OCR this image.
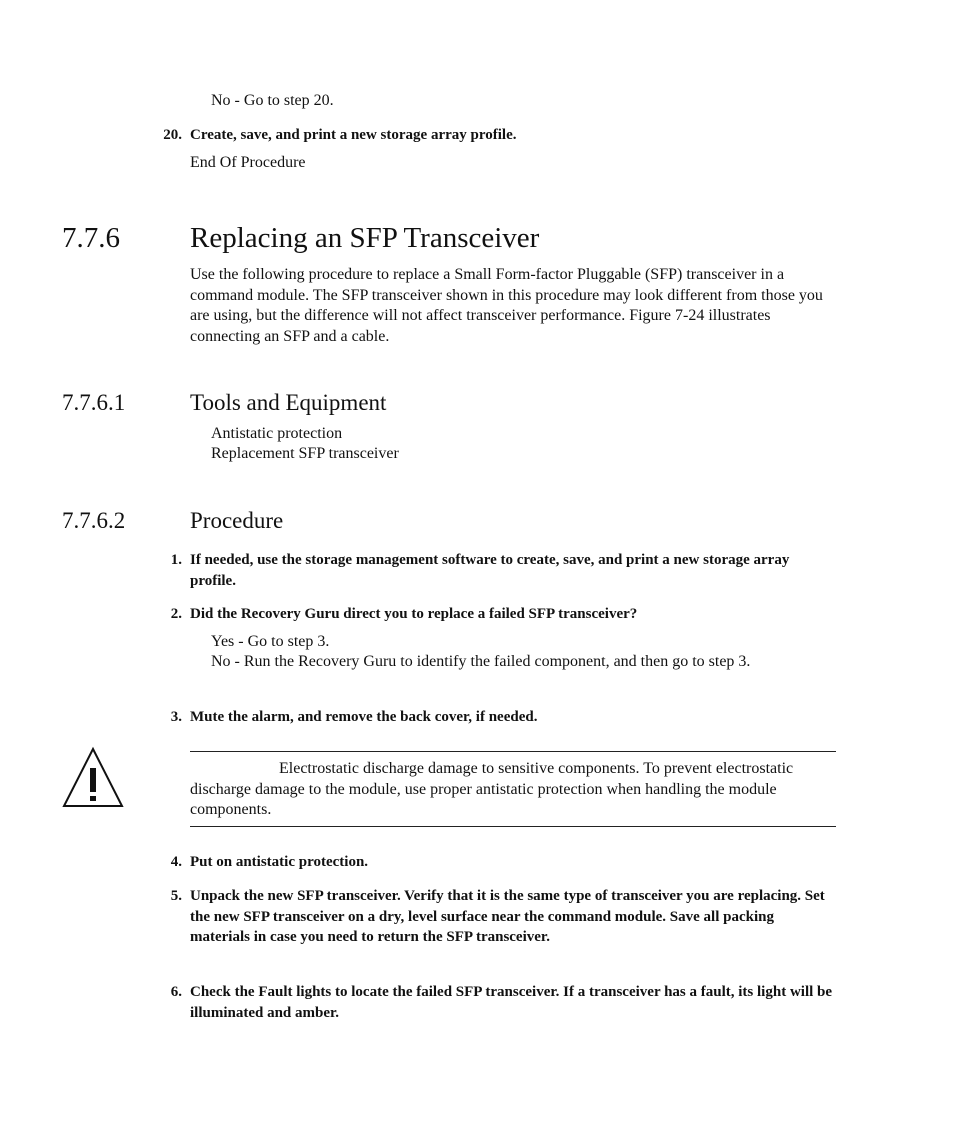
No - Go to step 20.
20. Create, save, and print a new storage array profile.
End Of Procedure
7.7.6 Replacing an SFP Transceiver
Use the following procedure to replace a Small Form-factor Pluggable (SFP) transceiver in a command module. The SFP transceiver shown in this procedure may look different from those you are using, but the difference will not affect transceiver performance. Figure 7-24 illustrates connecting an SFP and a cable.
7.7.6.1	Tools and Equipment
Antistatic protection
Replacement SFP transceiver
7.7.6.2	Procedure
1. If needed, use the storage management software to create, save, and print a new storage array profile.
2. Did the Recovery Guru direct you to replace a failed SFP transceiver?
Yes - Go to step 3.
No - Run the Recovery Guru to identify the failed component, and then go to step 3.
3. Mute the alarm, and remove the back cover, if needed.
Electrostatic discharge damage to sensitive components. To prevent electrostatic discharge damage to the module, use proper antistatic protection when handling the module components.
4. Put on antistatic protection.
5. Unpack the new SFP transceiver. Verify that it is the same type of transceiver you are replacing. Set the new SFP transceiver on a dry, level surface near the command module. Save all packing materials in case you need to return the SFP transceiver.
6. Check the Fault lights to locate the failed SFP transceiver. If a transceiver has a fault, its light will be illuminated and amber.
